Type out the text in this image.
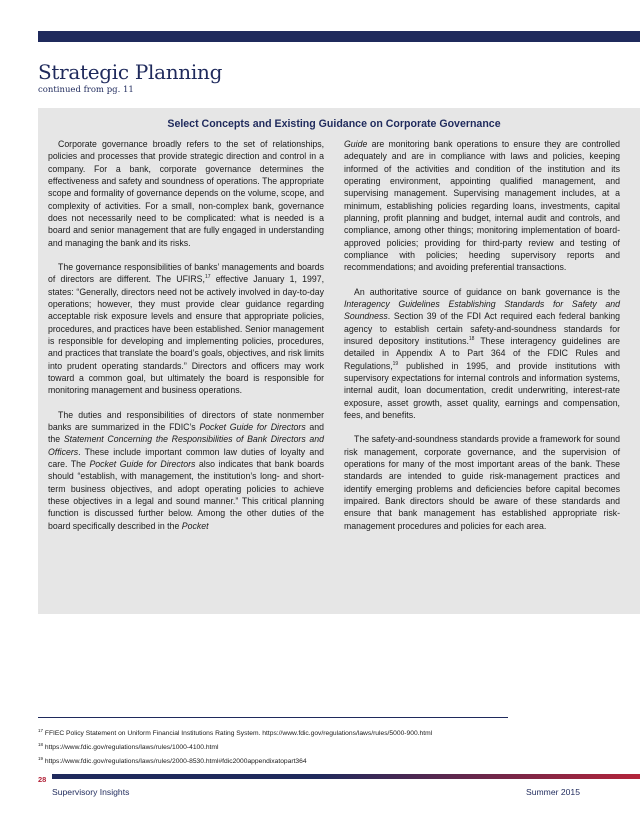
Strategic Planning

continued from pg. 11

Select Concepts and Existing Guidance on Corporate Governance

Corporate governance broadly refers to the set of relationships, policies and processes that provide strategic direction and control in a company. For a bank, corporate governance determines the effectiveness and safety and soundness of operations. The appropriate scope and formality of governance depends on the volume, scope, and complexity of activities. For a small, non-complex bank, governance does not necessarily need to be complicated: what is needed is a board and senior management that are fully engaged in understanding and managing the bank and its risks.

The governance responsibilities of banks’ managements and boards of directors are different. The UFIRS,$^{17}$ effective January 1, 1997, states: “Generally, directors need not be actively involved in day-to-day operations; however, they must provide clear guidance regarding acceptable risk exposure levels and ensure that appropriate policies, procedures, and practices have been established. Senior management is responsible for developing and implementing policies, procedures, and practices that translate the board’s goals, objectives, and risk limits into prudent operating standards.” Directors and officers may work toward a common goal, but ultimately the board is responsible for monitoring management and business operations.

The duties and responsibilities of directors of state nonmember banks are summarized in the FDIC’s Pocket Guide for Directors and the Statement Concerning the Responsibilities of Bank Directors and Officers. These include important common law duties of loyalty and care. The Pocket Guide for Directors also indicates that bank boards should “establish, with management, the institution’s long- and short-term business objectives, and adopt operating policies to achieve these objectives in a legal and sound manner.” This critical planning function is discussed further below. Among the other duties of the board specifically described in the Pocket

Guide are monitoring bank operations to ensure they are controlled adequately and are in compliance with laws and policies, keeping informed of the activities and condition of the institution and its operating environment, appointing qualified management, and supervising management. Supervising management includes, at a minimum, establishing policies regarding loans, investments, capital planning, profit planning and budget, internal audit and controls, and compliance, among other things; monitoring implementation of board-approved policies; providing for third-party review and testing of compliance with policies; heeding supervisory reports and recommendations; and avoiding preferential transactions.

An authoritative source of guidance on bank governance is the Interagency Guidelines Establishing Standards for Safety and Soundness. Section 39 of the FDI Act required each federal banking agency to establish certain safety-and-soundness standards for insured depository institutions.$^{18}$ These interagency guidelines are detailed in Appendix A to Part 364 of the FDIC Rules and Regulations,$^{19}$ published in 1995, and provide institutions with supervisory expectations for internal controls and information systems, internal audit, loan documentation, credit underwriting, interest-rate exposure, asset growth, asset quality, earnings and compensation, fees, and benefits.

The safety-and-soundness standards provide a framework for sound risk management, corporate governance, and the supervision of operations for many of the most important areas of the bank. These standards are intended to guide risk-management practices and identify emerging problems and deficiencies before capital becomes impaired. Bank directors should be aware of these standards and ensure that bank management has established appropriate risk-management procedures and policies for each area.

$^{17}$ FFIEC Policy Statement on Uniform Financial Institutions Rating System. https://www.fdic.gov/regulations/laws/rules/5000-900.html
$^{18}$ https://www.fdic.gov/regulations/laws/rules/1000-4100.html
$^{19}$ https://www.fdic.gov/regulations/laws/rules/2000-8530.html#fdic2000appendixatopart364
28
Supervisory Insights	Summer 2015
